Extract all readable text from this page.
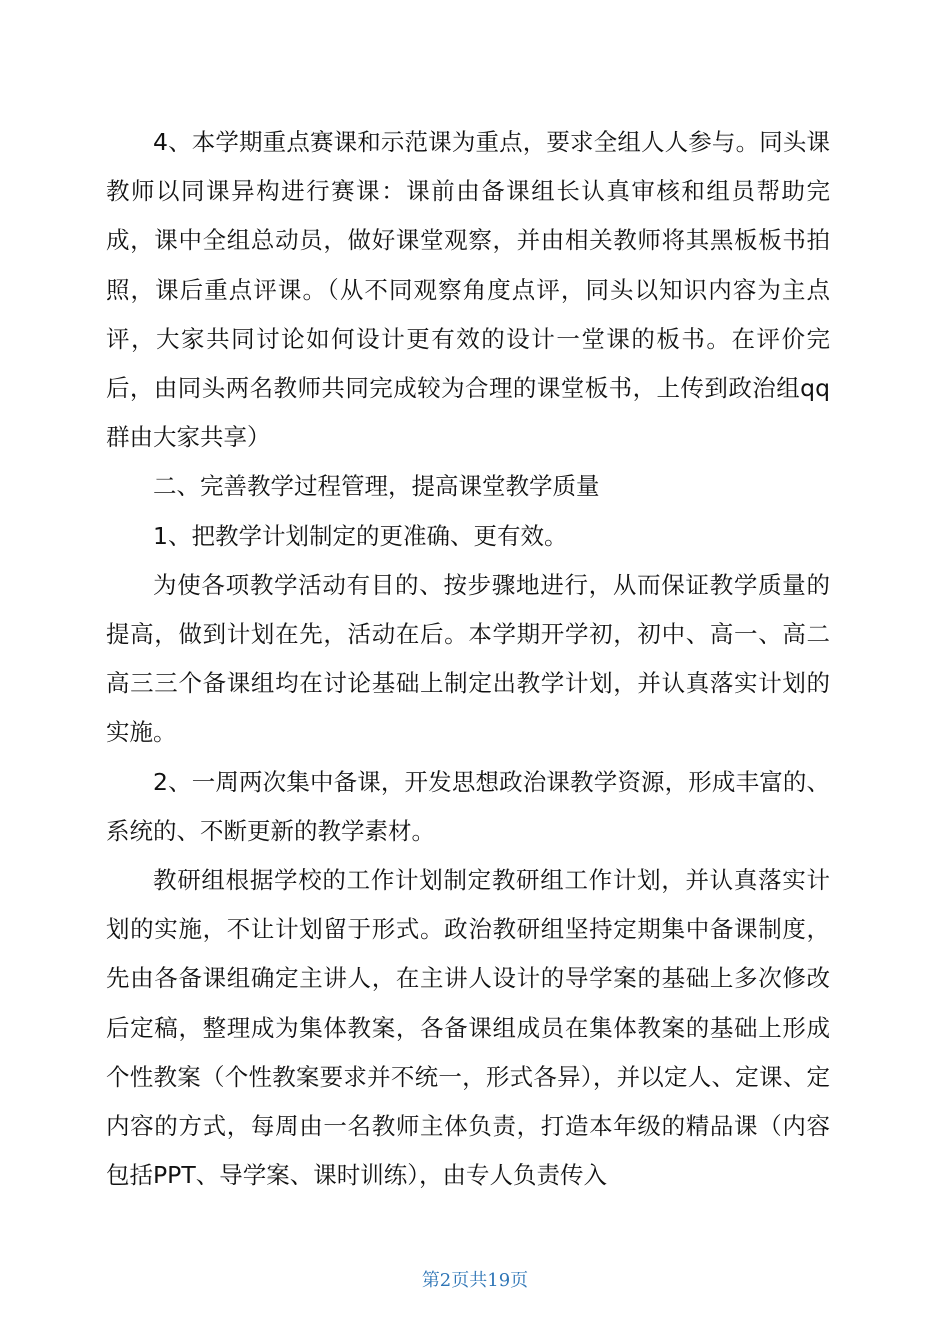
4、本学期重点赛课和示范课为重点，要求全组人人参与。同头课教师以同课异构进行赛课：课前由备课组长认真审核和组员帮助完成，课中全组总动员，做好课堂观察，并由相关教师将其黑板板书拍照，课后重点评课。（从不同观察角度点评，同头以知识内容为主点评，大家共同讨论如何设计更有效的设计一堂课的板书。在评价完后，由同头两名教师共同完成较为合理的课堂板书，上传到政治组qq群由大家共享）

二、完善教学过程管理，提高课堂教学质量

1、把教学计划制定的更准确、更有效。

为使各项教学活动有目的、按步骤地进行，从而保证教学质量的提高，做到计划在先，活动在后。本学期开学初，初中、高一、高二高三三个备课组均在讨论基础上制定出教学计划，并认真落实计划的实施。

2、一周两次集中备课，开发思想政治课教学资源，形成丰富的、系统的、不断更新的教学素材。

教研组根据学校的工作计划制定教研组工作计划，并认真落实计划的实施，不让计划留于形式。政治教研组坚持定期集中备课制度，先由各备课组确定主讲人，在主讲人设计的导学案的基础上多次修改后定稿，整理成为集体教案，各备课组成员在集体教案的基础上形成个性教案（个性教案要求并不统一，形式各异），并以定人、定课、定内容的方式，每周由一名教师主体负责，打造本年级的精品课（内容包括PPT、导学案、课时训练），由专人负责传入

第2页共19页
